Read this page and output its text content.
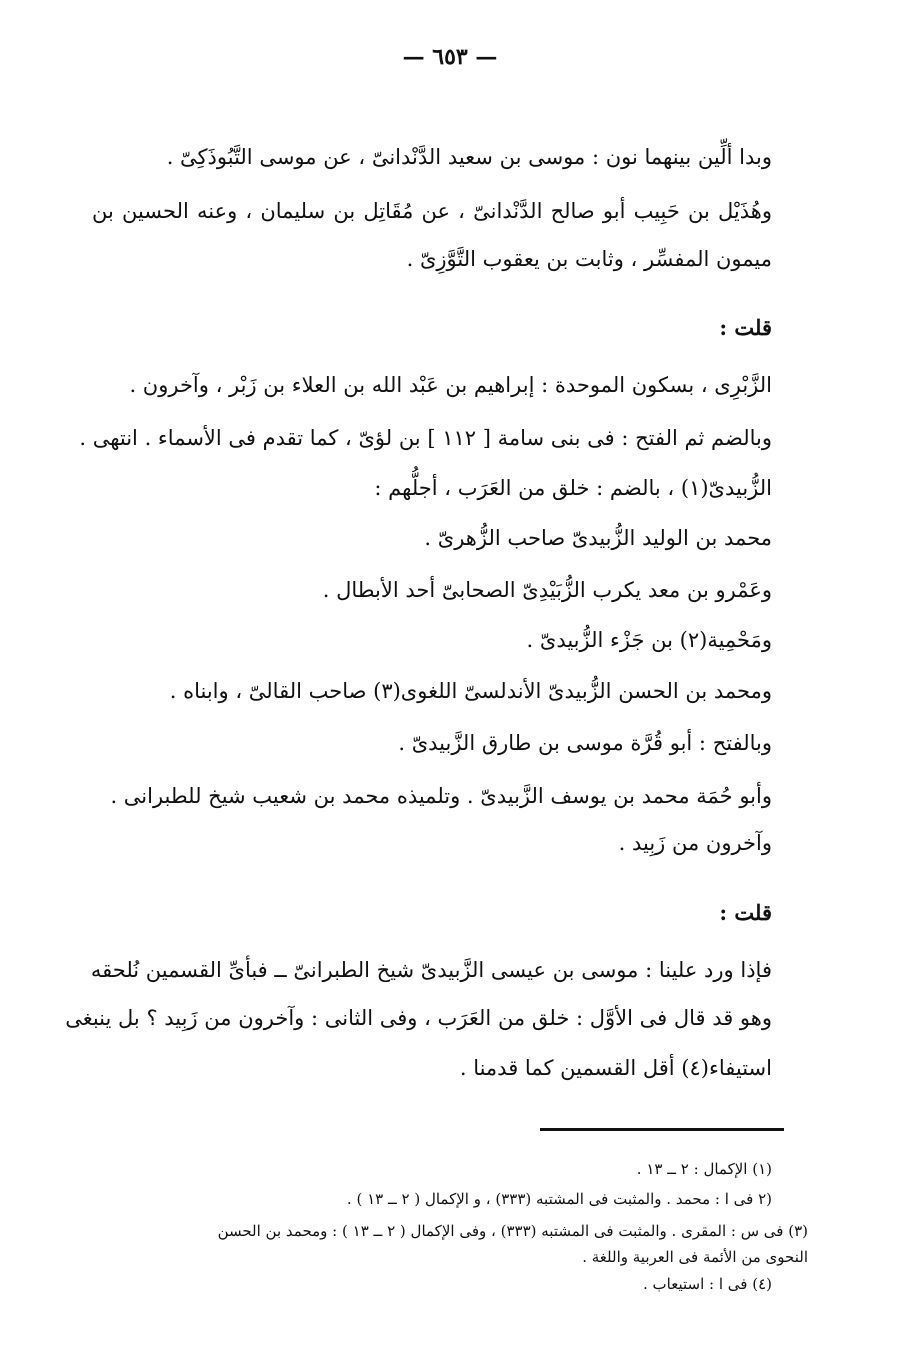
— ٦٥٣ —
وبدا ألِّين بينهما نون : موسى بن سعيد الدَّنْدانىّ ، عن موسى التَّبُوذَكِىّ .
وهُذَيْل بن حَبِيب أبو صالح الدَّنْدانىّ ، عن مُقَاتِل بن سليمان ، وعنه الحسين بن
ميمون المفسِّر ، وثابت بن يعقوب التَّوَّزِىّ .
قلت :
الزَّبْرِى ، بسكون الموحدة : إبراهيم بن عَبْد الله بن العلاء بن زَبْر ، وآخرون .
وبالضم ثم الفتح : فى بنى سامة [ ١١٢ ] بن لؤىّ ، كما تقدم فى الأسماء . انتهى .
الزُّبيدىّ(١) ، بالضم : خلق من العَرَب ، أجلُّهم :
محمد بن الوليد الزُّبيدىّ صاحب الزُّهرىّ .
وعَمْرو بن معد يكرب الزُّبَيْدِىّ الصحابىّ أحد الأبطال .
ومَحْمِية(٢) بن جَزْء الزُّبيدىّ .
ومحمد بن الحسن الزُّبيدىّ الأندلسىّ اللغوى(٣) صاحب القالىّ ، وابناه .
وبالفتح : أبو قُرَّة موسى بن طارق الزَّبيدىّ .
وأبو حُمَة محمد بن يوسف الزَّبيدىّ . وتلميذه محمد بن شعيب شيخ للطبرانى .
وآخرون من زَبِيد .
قلت :
فإذا ورد علينا : موسى بن عيسى الزَّبيدىّ شيخ الطبرانىّ ــ فبأىِّ القسمين نُلحقه
وهو قد قال فى الأوَّل : خلق من العَرَب ، وفى الثانى : وآخرون من زَبِيد ؟ بل ينبغى
استيفاء(٤) أقل القسمين كما قدمنا .
(١) الإكمال : ٢ ــ ١٣ .
(٢ فى ا : محمد . والمثبت فى المشتبه (٣٣٣) ، و الإكمال ( ٢ ــ ١٣ ) .
(٣) فى س : المقرى . والمثبت فى المشتبه (٣٣٣) ، وفى الإكمال ( ٢ ــ ١٣ ) : ومحمد بن الحسن
النحوى من الأئمة فى العربية واللغة .
(٤) فى ا : استيعاب .
